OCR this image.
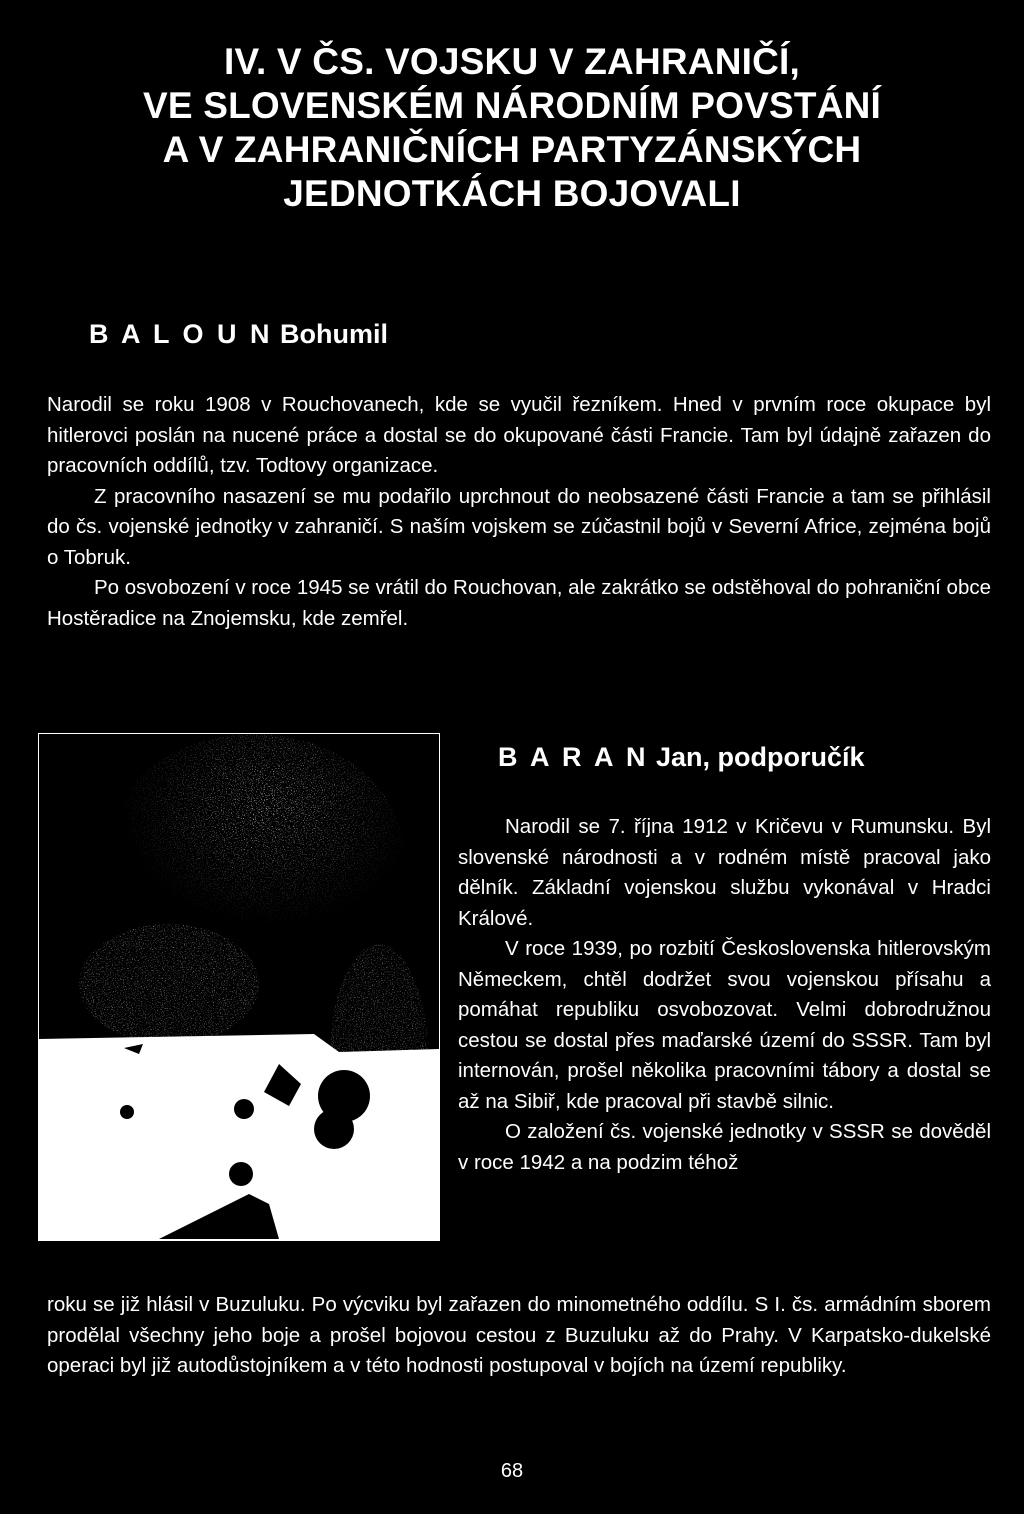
IV. V ČS. VOJSKU V ZAHRANIČÍ,
VE SLOVENSKÉM NÁRODNÍM POVSTÁNÍ
A V ZAHRANIČNÍCH PARTYZÁNSKÝCH
JEDNOTKÁCH BOJOVALI
B A L O U N Bohumil
Narodil se roku 1908 v Rouchovanech, kde se vyučil řezníkem. Hned v prvním roce okupace byl hitlerovci poslán na nucené práce a dostal se do okupované části Francie. Tam byl údajně zařazen do pracovních oddílů, tzv. Todtovy organizace.
Z pracovního nasazení se mu podařilo uprchnout do neobsazené části Francie a tam se přihlásil do čs. vojenské jednotky v zahraničí. S naším vojskem se zúčastnil bojů v Severní Africe, zejména bojů o Tobruk.
Po osvobození v roce 1945 se vrátil do Rouchovan, ale zakrátko se odstěhoval do pohraniční obce Hostěradice na Znojemsku, kde zemřel.
B A R A N Jan, podporučík
Narodil se 7. října 1912 v Kričevu v Rumunsku. Byl slovenské národnosti a v rodném místě pracoval jako dělník. Základní vojenskou službu vykonával v Hradci Králové.
V roce 1939, po rozbití Československa hitlerovským Německem, chtěl dodržet svou vojenskou přísahu a pomáhat republiku osvobozovat. Velmi dobrodružnou cestou se dostal přes maďarské území do SSSR. Tam byl internován, prošel několika pracovními tábory a dostal se až na Sibiř, kde pracoval při stavbě silnic.
O založení čs. vojenské jednotky v SSSR se dověděl v roce 1942 a na podzim téhož
roku se již hlásil v Buzuluku. Po výcviku byl zařazen do minometného oddílu. S I. čs. armádním sborem prodělal všechny jeho boje a prošel bojovou cestou z Buzuluku až do Prahy. V Karpatsko-dukelské operaci byl již autodůstojníkem a v této hodnosti postupoval v bojích na území republiky.
68
